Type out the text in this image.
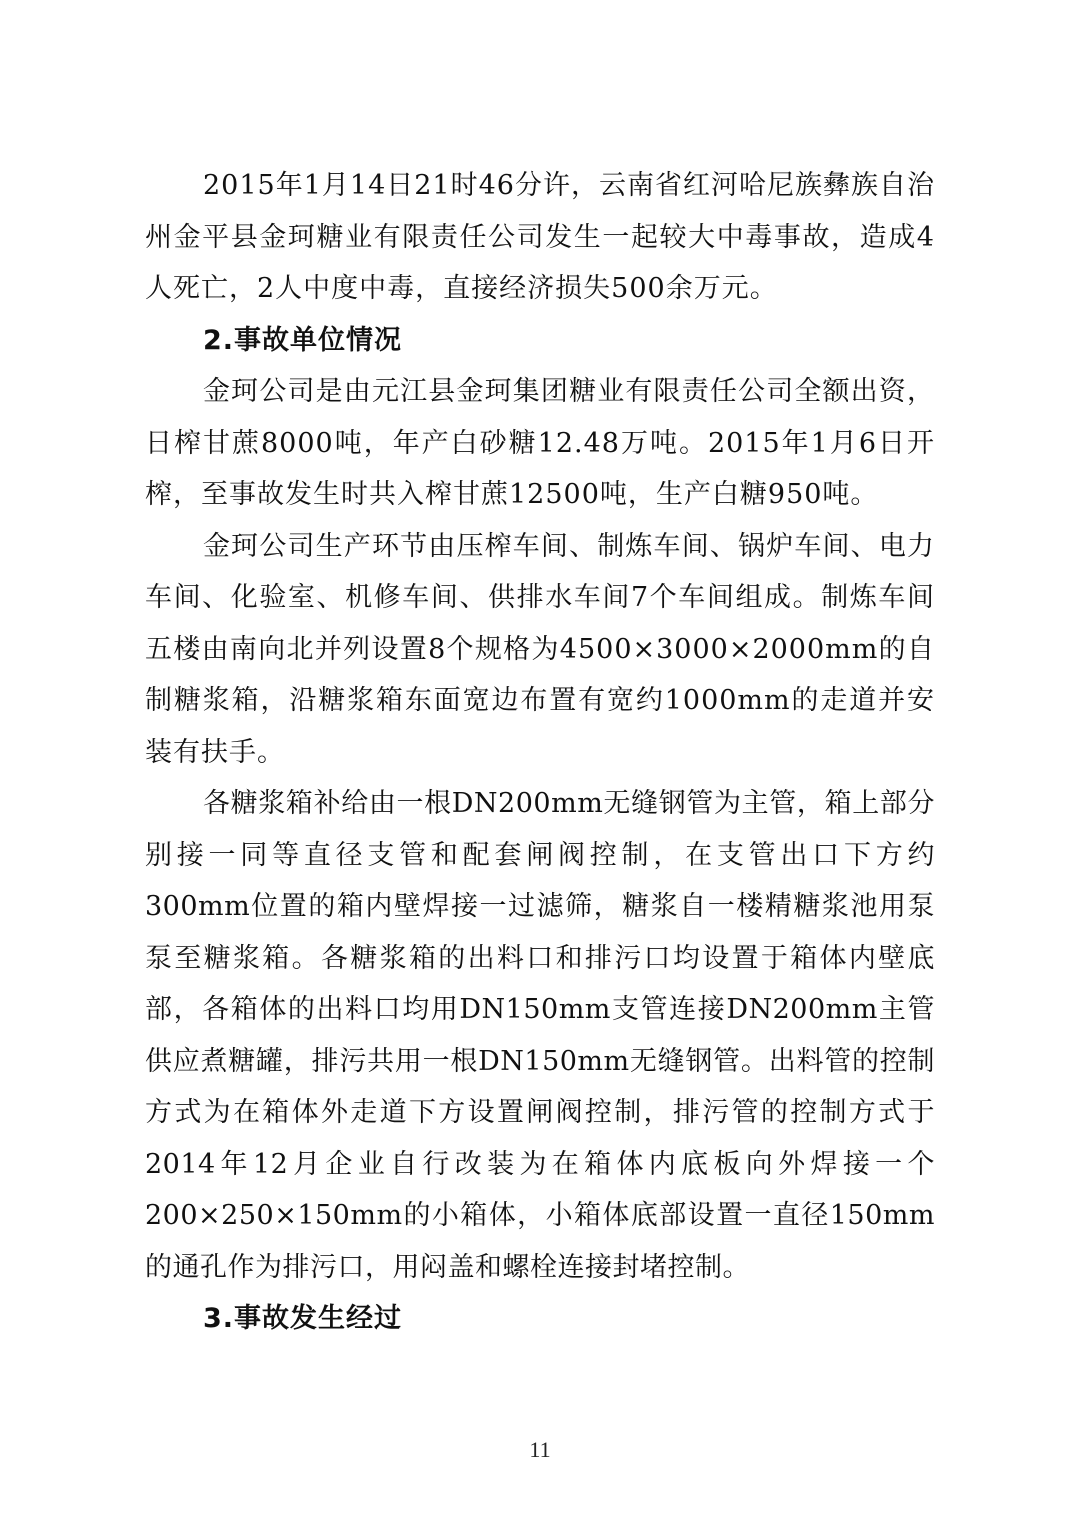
2015年1月14日21时46分许，云南省红河哈尼族彝族自治州金平县金珂糖业有限责任公司发生一起较大中毒事故，造成4人死亡，2人中度中毒，直接经济损失500余万元。

2.事故单位情况

金珂公司是由元江县金珂集团糖业有限责任公司全额出资，日榨甘蔗8000吨，年产白砂糖12.48万吨。2015年1月6日开榨，至事故发生时共入榨甘蔗12500吨，生产白糖950吨。

金珂公司生产环节由压榨车间、制炼车间、锅炉车间、电力车间、化验室、机修车间、供排水车间7个车间组成。制炼车间五楼由南向北并列设置8个规格为4500×3000×2000mm的自制糖浆箱，沿糖浆箱东面宽边布置有宽约1000mm的走道并安装有扶手。

各糖浆箱补给由一根DN200mm无缝钢管为主管，箱上部分别接一同等直径支管和配套闸阀控制，在支管出口下方约300mm位置的箱内壁焊接一过滤筛，糖浆自一楼精糖浆池用泵泵至糖浆箱。各糖浆箱的出料口和排污口均设置于箱体内壁底部，各箱体的出料口均用DN150mm支管连接DN200mm主管供应煮糖罐，排污共用一根DN150mm无缝钢管。出料管的控制方式为在箱体外走道下方设置闸阀控制，排污管的控制方式于2014年12月企业自行改装为在箱体内底板向外焊接一个200×250×150mm的小箱体，小箱体底部设置一直径150mm的通孔作为排污口，用闷盖和螺栓连接封堵控制。

3.事故发生经过

11
